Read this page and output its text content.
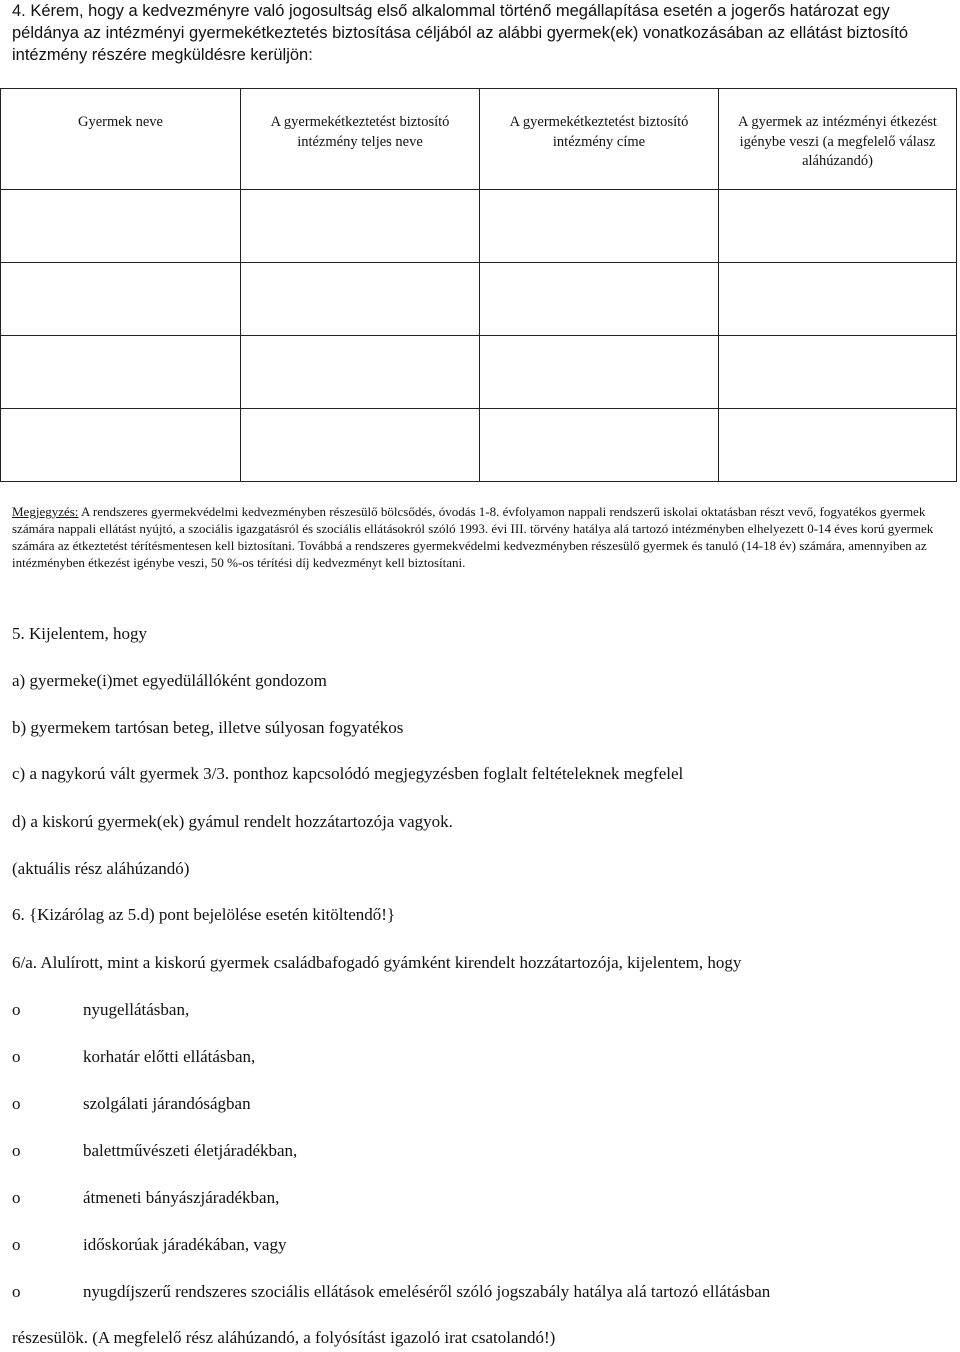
4. Kérem, hogy a kedvezményre való jogosultság első alkalommal történő megállapítása esetén a jogerős határozat egy példánya az intézményi gyermekétkeztetés biztosítása céljából az alábbi gyermek(ek) vonatkozásában az ellátást biztosító intézmény részére megküldésre kerüljön:

Gyermek neve	A gyermekétkeztetést biztosító intézmény teljes neve	A gyermekétkeztetést biztosító intézmény címe	A gyermek az intézményi étkezést igénybe veszi (a megfelelő válasz aláhúzandó)

Megjegyzés: A rendszeres gyermekvédelmi kedvezményben részesülő bölcsődés, óvodás 1-8. évfolyamon nappali rendszerű iskolai oktatásban részt vevő, fogyatékos gyermek számára nappali ellátást nyújtó, a szociális igazgatásról és szociális ellátásokról szóló 1993. évi III. törvény hatálya alá tartozó intézményben elhelyezett 0-14 éves korú gyermek számára az étkeztetést térítésmentesen kell biztosítani. Továbbá a rendszeres gyermekvédelmi kedvezményben részesülő gyermek és tanuló (14-18 év) számára, amennyiben az intézményben étkezést igénybe veszi, 50 %-os térítési díj kedvezményt kell biztosítani.

5. Kijelentem, hogy

a) gyermeke(i)met egyedülállóként gondozom

b) gyermekem tartósan beteg, illetve súlyosan fogyatékos

c) a nagykorú vált gyermek 3/3. ponthoz kapcsolódó megjegyzésben foglalt feltételeknek megfelel

d) a kiskorú gyermek(ek) gyámul rendelt hozzátartozója vagyok.

(aktuális rész aláhúzandó)

6. {Kizárólag az 5.d) pont bejelölése esetén kitöltendő!}

6/a. Alulírott, mint a kiskorú gyermek családbafogadó gyámként kirendelt hozzátartozója, kijelentem, hogy

o	nyugellátásban,

o	korhatár előtti ellátásban,

o	szolgálati járandóságban

o	balettművészeti életjáradékban,

o	átmeneti bányászjáradékban,

o	időskorúak járadékában, vagy

o	nyugdíjszerű rendszeres szociális ellátások emeléséről szóló jogszabály hatálya alá tartozó ellátásban

részesülök. (A megfelelő rész aláhúzandó, a folyósítást igazoló irat csatolandó!)
